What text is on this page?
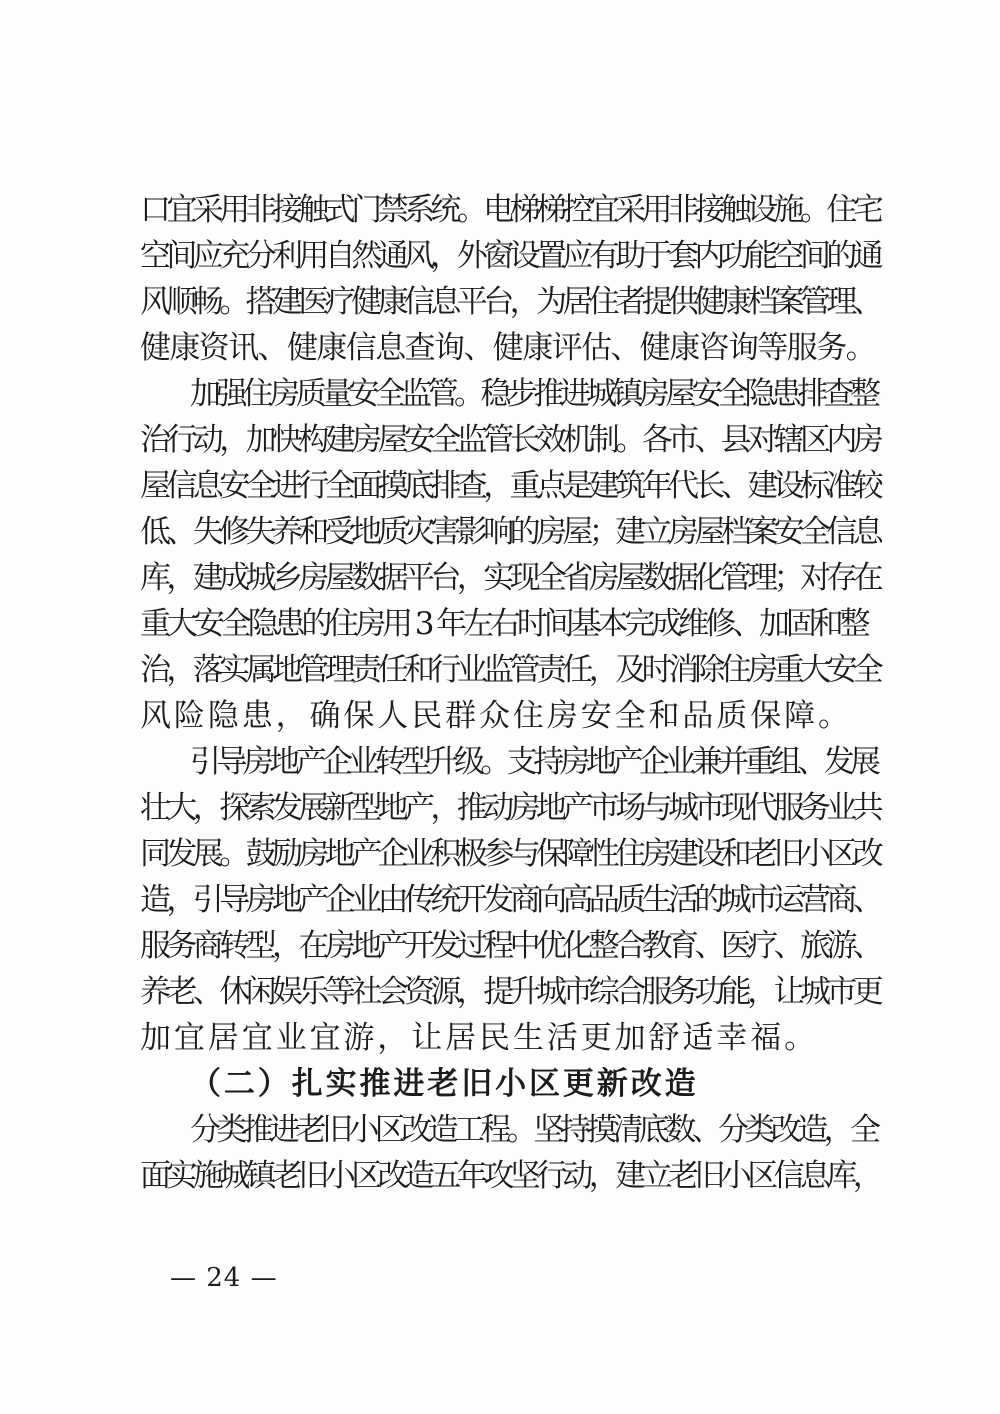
口宜采用非接触式门禁系统。电梯梯控宜采用非接触设施。住宅
空间应充分利用自然通风，外窗设置应有助于套内功能空间的通
风顺畅。搭建医疗健康信息平台，为居住者提供健康档案管理、
健康资讯、健康信息查询、健康评估、健康咨询等服务。
加强住房质量安全监管。稳步推进城镇房屋安全隐患排查整
治行动，加快构建房屋安全监管长效机制。各市、县对辖区内房
屋信息安全进行全面摸底排查，重点是建筑年代长、建设标准较
低、失修失养和受地质灾害影响的房屋；建立房屋档案安全信息
库，建成城乡房屋数据平台，实现全省房屋数据化管理；对存在
重大安全隐患的住房用 3 年左右时间基本完成维修、加固和整
治，落实属地管理责任和行业监管责任，及时消除住房重大安全
风险隐患，确保人民群众住房安全和品质保障。
引导房地产企业转型升级。支持房地产企业兼并重组、发展
壮大，探索发展新型地产，推动房地产市场与城市现代服务业共
同发展。鼓励房地产企业积极参与保障性住房建设和老旧小区改
造，引导房地产企业由传统开发商向高品质生活的城市运营商、
服务商转型，在房地产开发过程中优化整合教育、医疗、旅游、
养老、休闲娱乐等社会资源，提升城市综合服务功能，让城市更
加宜居宜业宜游，让居民生活更加舒适幸福。
（二）扎实推进老旧小区更新改造
分类推进老旧小区改造工程。坚持摸清底数、分类改造，全
面实施城镇老旧小区改造五年攻坚行动，建立老旧小区信息库，
— 24 —
